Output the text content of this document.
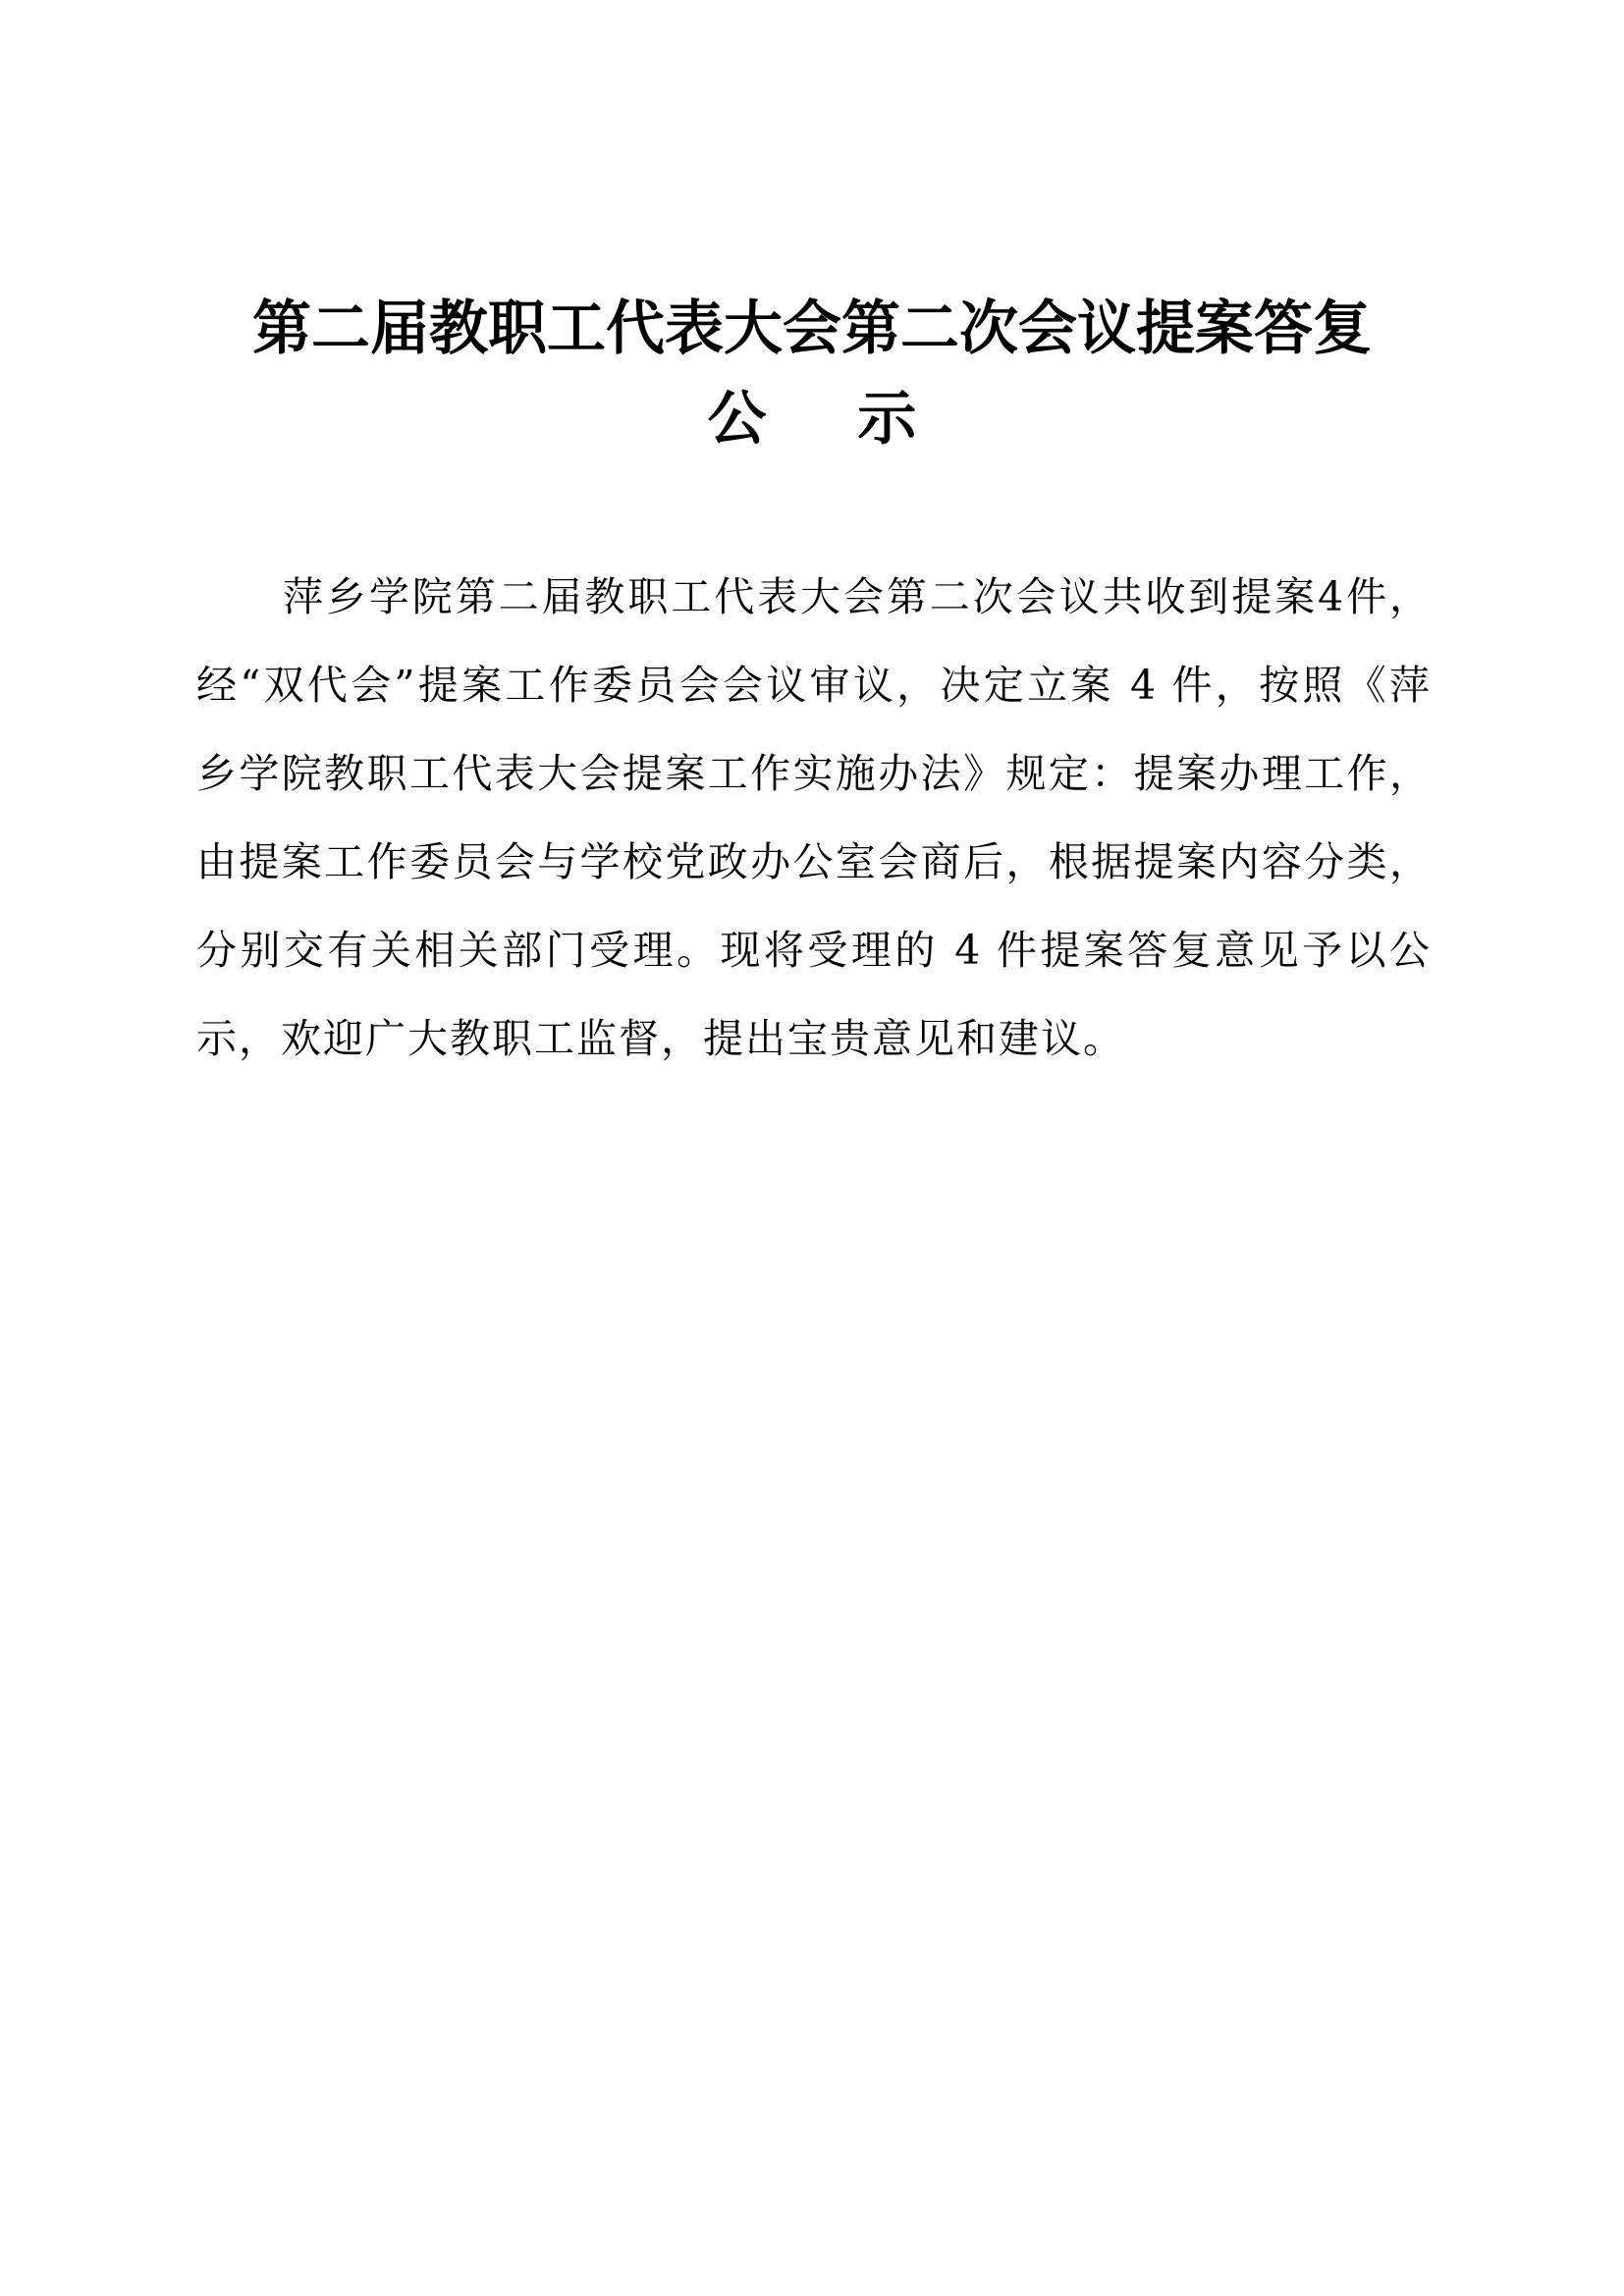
第二届教职工代表大会第二次会议提案答复
公 示
萍乡学院第二届教职工代表大会第二次会议共收到提案4件，
经“双代会”提案工作委员会会议审议，决定立案 4 件，按照《萍
乡学院教职工代表大会提案工作实施办法》规定：提案办理工作，
由提案工作委员会与学校党政办公室会商后，根据提案内容分类，
分别交有关相关部门受理。现将受理的 4 件提案答复意见予以公
示，欢迎广大教职工监督，提出宝贵意见和建议。
